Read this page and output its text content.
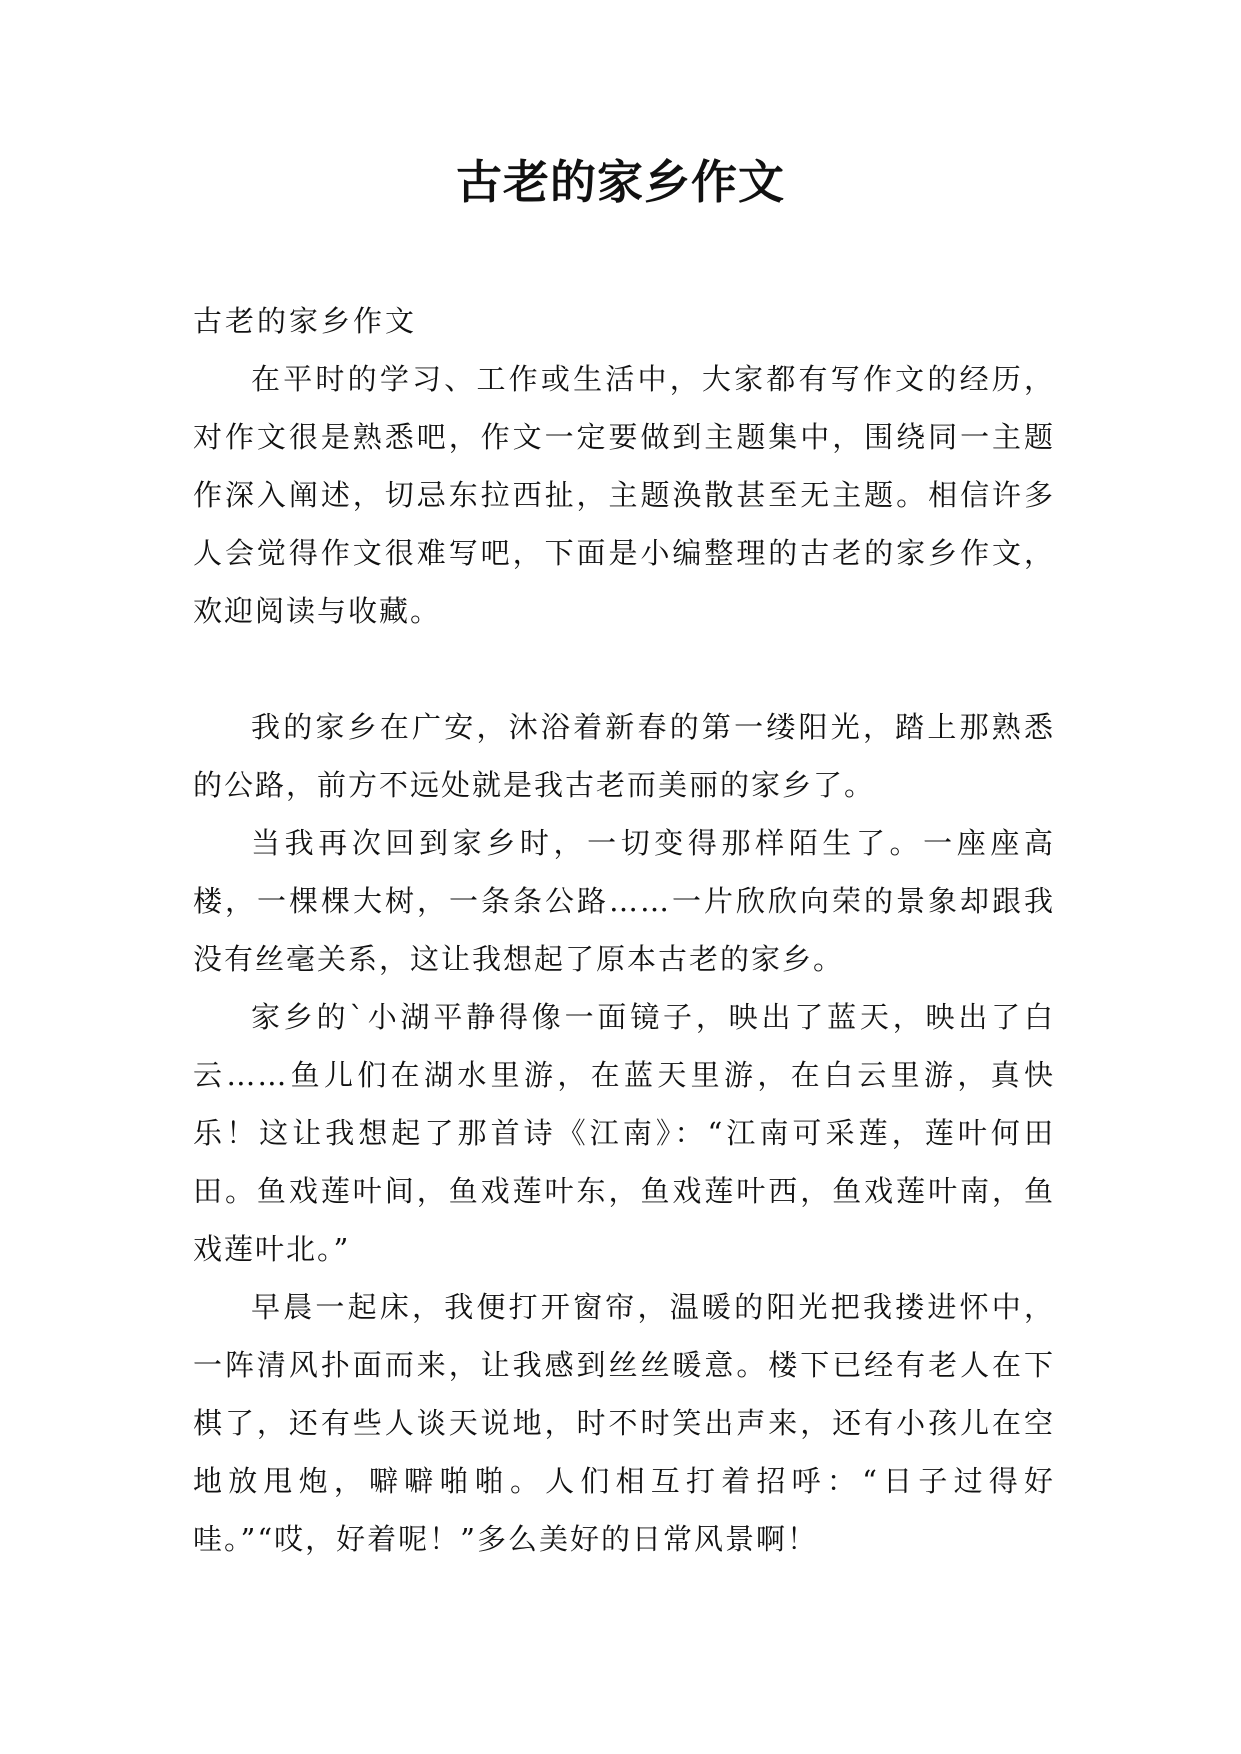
古老的家乡作文

古老的家乡作文

在平时的学习、工作或生活中，大家都有写作文的经历，对作文很是熟悉吧，作文一定要做到主题集中，围绕同一主题作深入阐述，切忌东拉西扯，主题涣散甚至无主题。相信许多人会觉得作文很难写吧，下面是小编整理的古老的家乡作文，欢迎阅读与收藏。

我的家乡在广安，沐浴着新春的第一缕阳光，踏上那熟悉的公路，前方不远处就是我古老而美丽的家乡了。

当我再次回到家乡时，一切变得那样陌生了。一座座高楼，一棵棵大树，一条条公路……一片欣欣向荣的景象却跟我没有丝毫关系，这让我想起了原本古老的家乡。

家乡的`小湖平静得像一面镜子，映出了蓝天，映出了白云……鱼儿们在湖水里游，在蓝天里游，在白云里游，真快乐！这让我想起了那首诗《江南》：“江南可采莲，莲叶何田田。鱼戏莲叶间，鱼戏莲叶东，鱼戏莲叶西，鱼戏莲叶南，鱼戏莲叶北。”

早晨一起床，我便打开窗帘，温暖的阳光把我搂进怀中，一阵清风扑面而来，让我感到丝丝暖意。楼下已经有老人在下棋了，还有些人谈天说地，时不时笑出声来，还有小孩儿在空地放甩炮，噼噼啪啪。人们相互打着招呼：“日子过得好哇。”“哎，好着呢！”多么美好的日常风景啊！
